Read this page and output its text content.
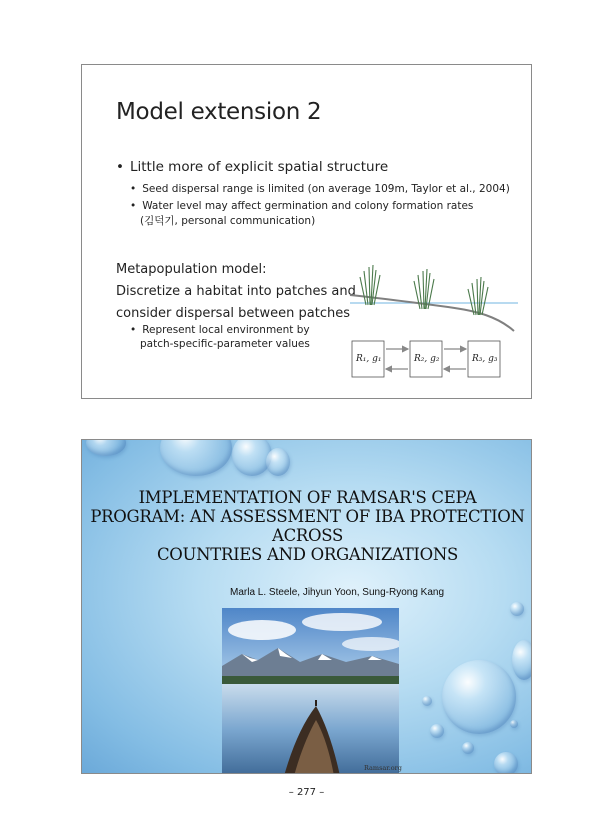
Model extension 2
• Little more of explicit spatial structure
• Seed dispersal range is limited (on average 109m, Taylor et al., 2004)
• Water level may affect germination and colony formation rates
(김덕기, personal communication)
Metapopulation model:
Discretize a habitat into patches and
consider dispersal between patches
• Represent local environment by
patch-specific-parameter values
R₁, g₁	R₂, g₂	R₃, g₃
IMPLEMENTATION OF RAMSAR'S CEPA
PROGRAM: AN ASSESSMENT OF IBA PROTECTION
ACROSS
COUNTRIES AND ORGANIZATIONS
Marla L. Steele, Jihyun Yoon, Sung-Ryong Kang
Ramsar.org
– 277 –
